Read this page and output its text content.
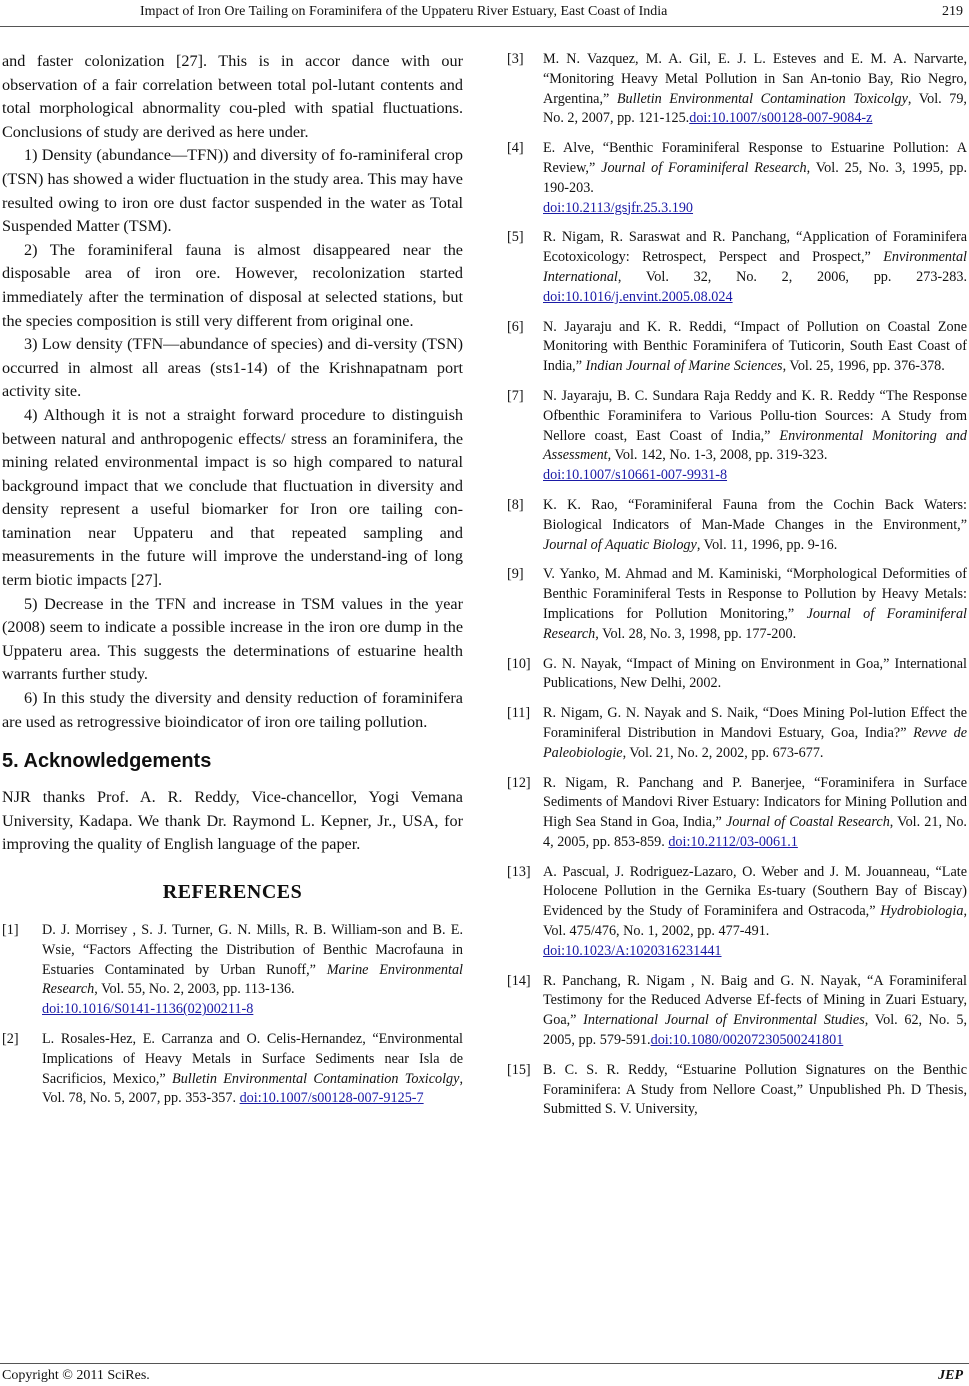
Impact of Iron Ore Tailing on Foraminifera of the Uppateru River Estuary, East Coast of India	219

and faster colonization [27]. This is in accor dance with our observation of a fair correlation between total pol-lutant contents and total morphological abnormality cou-pled with spatial fluctuations. Conclusions of study are derived as here under.

1) Density (abundance—TFN)) and diversity of fo-raminiferal crop (TSN) has showed a wider fluctuation in the study area. This may have resulted owing to iron ore dust factor suspended in the water as Total Suspended Matter (TSM).

2) The foraminiferal fauna is almost disappeared near the disposable area of iron ore. However, recolonization started immediately after the termination of disposal at selected stations, but the species composition is still very different from original one.

3) Low density (TFN—abundance of species) and di-versity (TSN) occurred in almost all areas (sts1-14) of the Krishnapatnam port activity site.

4) Although it is not a straight forward procedure to distinguish between natural and anthropogenic effects/ stress an foraminifera, the mining related environmental impact is so high compared to natural background impact that we conclude that fluctuation in diversity and density represent a useful biomarker for Iron ore tailing con-tamination near Uppateru and that repeated sampling and measurements in the future will improve the understand-ing of long term biotic impacts [27].

5) Decrease in the TFN and increase in TSM values in the year (2008) seem to indicate a possible increase in the iron ore dump in the Uppateru area. This suggests the determinations of estuarine health warrants further study.

6) In this study the diversity and density reduction of foraminifera are used as retrogressive bioindicator of iron ore tailing pollution.

5. Acknowledgements

NJR thanks Prof. A. R. Reddy, Vice-chancellor, Yogi Vemana University, Kadapa. We thank Dr. Raymond L. Kepner, Jr., USA, for improving the quality of English language of the paper.

REFERENCES
[1]	D. J. Morrisey , S. J. Turner, G. N. Mills, R. B. William-son and B. E. Wsie, “Factors Affecting the Distribution of Benthic Macrofauna in Estuaries Contaminated by Urban Runoff,” Marine Environmental Research, Vol. 55, No. 2, 2003, pp. 113-136.
doi:10.1016/S0141-1136(02)00211-8
[2]	L. Rosales-Hez, E. Carranza and O. Celis-Hernandez, “Environmental Implications of Heavy Metals in Surface Sediments near Isla de Sacrificios, Mexico,” Bulletin Environmental Contamination Toxicolgy, Vol. 78, No. 5, 2007, pp. 353-357. doi:10.1007/s00128-007-9125-7
[3]	M. N. Vazquez, M. A. Gil, E. J. L. Esteves and E. M. A. Narvarte, “Monitoring Heavy Metal Pollution in San An-tonio Bay, Rio Negro, Argentina,” Bulletin Environmental Contamination Toxicolgy, Vol. 79, No. 2, 2007, pp. 121-125.doi:10.1007/s00128-007-9084-z
[4]	E. Alve, “Benthic Foraminiferal Response to Estuarine Pollution: A Review,” Journal of Foraminiferal Research, Vol. 25, No. 3, 1995, pp. 190-203.
doi:10.2113/gsjfr.25.3.190
[5]	R. Nigam, R. Saraswat and R. Panchang, “Application of Foraminifera Ecotoxicology: Retrospect, Perspect and Prospect,” Environmental International, Vol. 32, No. 2, 2006, pp. 273-283. doi:10.1016/j.envint.2005.08.024
[6]	N. Jayaraju and K. R. Reddi, “Impact of Pollution on Coastal Zone Monitoring with Benthic Foraminifera of Tuticorin, South East Coast of India,” Indian Journal of Marine Sciences, Vol. 25, 1996, pp. 376-378.
[7]	N. Jayaraju, B. C. Sundara Raja Reddy and K. R. Reddy “The Response Ofbenthic Foraminifera to Various Pollu-tion Sources: A Study from Nellore coast, East Coast of India,” Environmental Monitoring and Assessment, Vol. 142, No. 1-3, 2008, pp. 319-323.
doi:10.1007/s10661-007-9931-8
[8]	K. K. Rao, “Foraminiferal Fauna from the Cochin Back Waters: Biological Indicators of Man-Made Changes in the Environment,” Journal of Aquatic Biology, Vol. 11, 1996, pp. 9-16.
[9]	V. Yanko, M. Ahmad and M. Kaminiski, “Morphological Deformities of Benthic Foraminiferal Tests in Response to Pollution by Heavy Metals: Implications for Pollution Monitoring,” Journal of Foraminiferal Research, Vol. 28, No. 3, 1998, pp. 177-200.
[10] G. N. Nayak, “Impact of Mining on Environment in Goa,” International Publications, New Delhi, 2002.
[11] R. Nigam, G. N. Nayak and S. Naik, “Does Mining Pol-lution Effect the Foraminiferal Distribution in Mandovi Estuary, Goa, India?” Revve de Paleobiologie, Vol. 21, No. 2, 2002, pp. 673-677.
[12] R. Nigam, R. Panchang and P. Banerjee, “Foraminifera in Surface Sediments of Mandovi River Estuary: Indicators for Mining Pollution and High Sea Stand in Goa, India,” Journal of Coastal Research, Vol. 21, No. 4, 2005, pp. 853-859. doi:10.2112/03-0061.1
[13] A. Pascual, J. Rodriguez-Lazaro, O. Weber and J. M. Jouanneau, “Late Holocene Pollution in the Gernika Es-tuary (Southern Bay of Biscay) Evidenced by the Study of Foraminifera and Ostracoda,” Hydrobiologia, Vol. 475/476, No. 1, 2002, pp. 477-491.
doi:10.1023/A:1020316231441
[14] R. Panchang, R. Nigam , N. Baig and G. N. Nayak, “A Foraminiferal Testimony for the Reduced Adverse Ef-fects of Mining in Zuari Estuary, Goa,” International Journal of Environmental Studies, Vol. 62, No. 5, 2005, pp. 579-591.doi:10.1080/00207230500241801
[15] B. C. S. R. Reddy, “Estuarine Pollution Signatures on the Benthic Foraminifera: A Study from Nellore Coast,” Unpublished Ph. D Thesis, Submitted S. V. University,
Copyright © 2011 SciRes.	JEP
